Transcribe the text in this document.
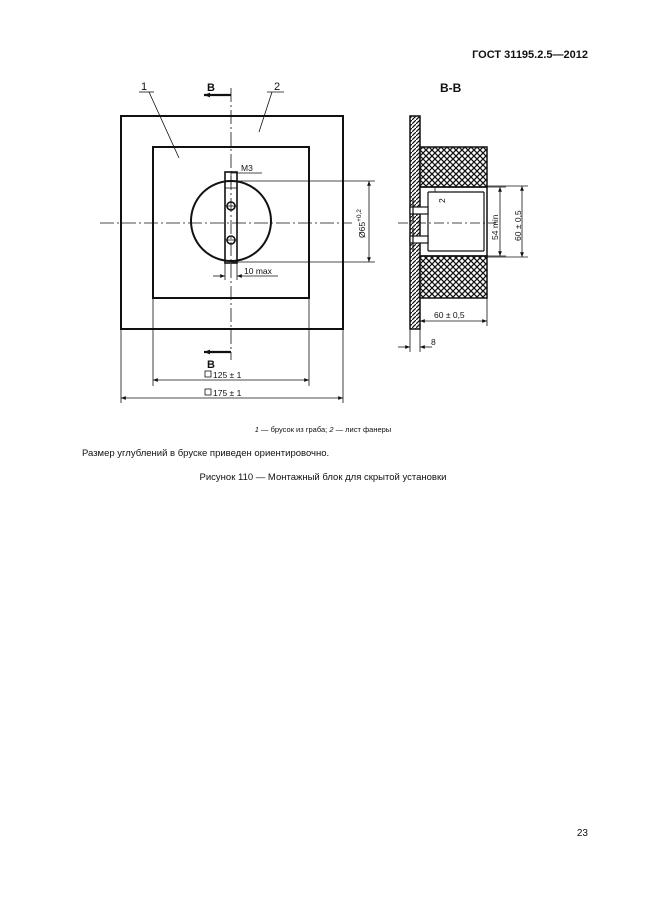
ГОСТ 31195.2.5—2012
M3
10 max
$Ø65^{+0,2}$
B
B
1	2
125 ± 1
175 ± 1
B-B
2
54 min 60 ± 0,5
60 ± 0,5
8
1 — брусок из граба; 2 — лист фанеры
Размер углублений в бруске приведен ориентировочно.
Рисунок 110 — Монтажный блок для скрытой установки
23
